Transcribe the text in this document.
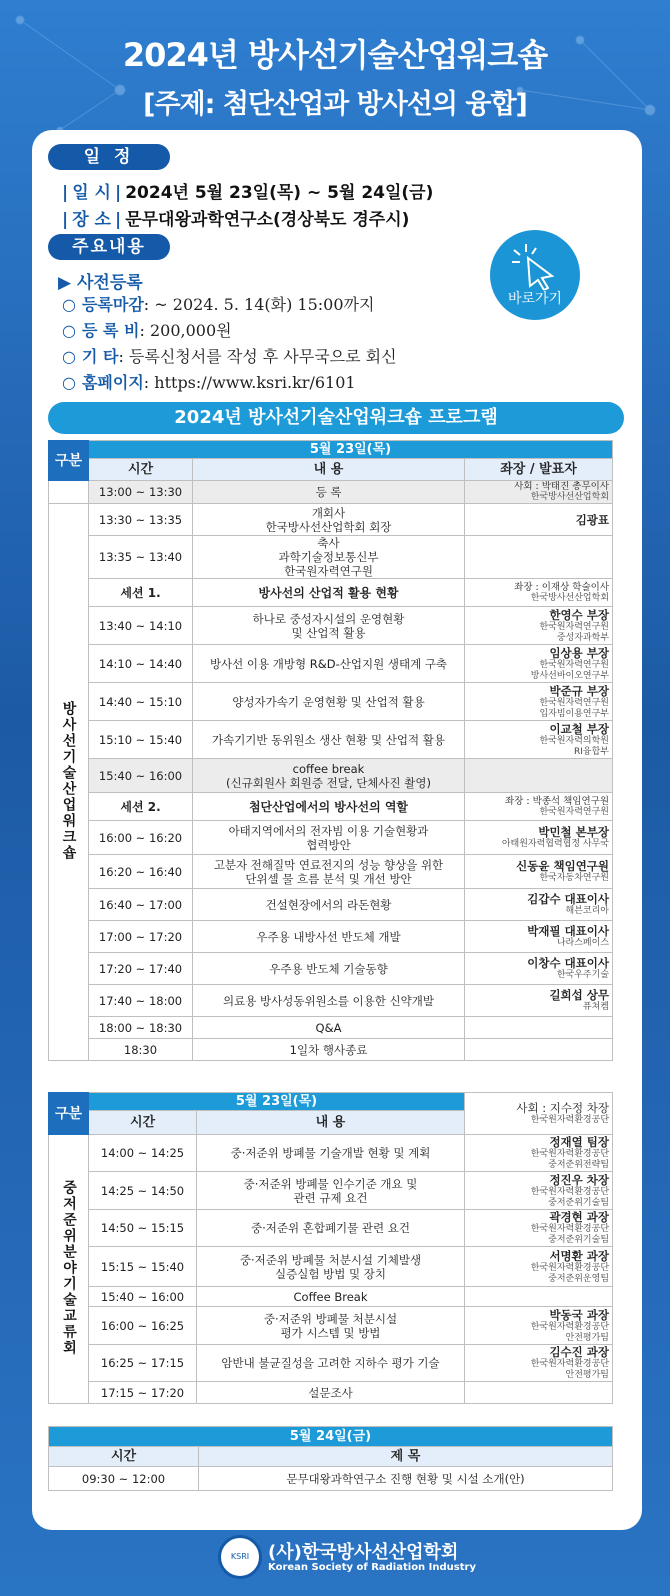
2024년 방사선기술산업워크숍
[주제: 첨단산업과 방사선의 융합]
일 정
| 일 시 | 2024년 5월 23일(목) ~ 5월 24일(금)
| 장 소 | 문무대왕과학연구소(경상북도 경주시)
주요내용
▶ 사전등록
○ 등록마감: ~ 2024. 5. 14(화) 15:00까지
○ 등 록 비: 200,000원
○ 기 타: 등록신청서를 작성 후 사무국으로 회신
○ 홈페이지: https://www.ksri.kr/6101
바로가기
2024년 방사선기술산업워크숍 프로그램
구분	5월 23일(목)		
	시간	내 용	좌장 / 발표자
	13:00 ~ 13:30	등 록	사회 : 박태진 총무이사
한국방사선산업학회

방사선기술산업워크숍	13:30 ~ 13:35	개회사
한국방사선산업학회 회장	김광표

	13:35 ~ 13:40	축사
과학기술정보통신부
한국원자력연구원	
	세션 1.	방사선의 산업적 활용 현황	좌장 : 이재상 학술이사
한국방사선산업학회

	13:40 ~ 14:10	하나로 중성자시설의 운영현황
및 산업적 활용	한영수 부장
한국원자력연구원
중성자과학부

	14:10 ~ 14:40	방사선 이용 개방형 R&D-산업지원 생태계 구축	임상용 부장
한국원자력연구원
방사선바이오연구부

	14:40 ~ 15:10	양성자가속기 운영현황 및 산업적 활용	박준규 부장
한국원자력연구원
입자빔이용연구부

	15:10 ~ 15:40	가속기기반 동위원소 생산 현황 및 산업적 활용	이교철 부장
한국원자력의학원
RI융합부

	15:40 ~ 16:00	coffee break
(신규회원사 회원증 전달, 단체사진 촬영)	
	세션 2.	첨단산업에서의 방사선의 역할	좌장 : 박종석 책임연구원
한국원자력연구원

	16:00 ~ 16:20	아태지역에서의 전자빔 이용 기술현황과
협력방안	박민철 본부장
아태원자력협력협정 사무국

	16:20 ~ 16:40	고분자 전해질막 연료전지의 성능 향상을 위한
단위셀 물 흐름 분석 및 개선 방안	신동윤 책임연구원
한국자동차연구원

	16:40 ~ 17:00	건설현장에서의 라돈현황	김갑수 대표이사
해븐코리아

	17:00 ~ 17:20	우주용 내방사선 반도체 개발	박재필 대표이사
나라스페이스

	17:20 ~ 17:40	우주용 반도체 기술동향	이창수 대표이사
한국우주기술

	17:40 ~ 18:00	의료용 방사성동위원소를 이용한 신약개발	길희섭 상무
퓨쳐켐

	18:00 ~ 18:30	Q&A	
	18:30	1일차 행사종료	
구분	5월 23일(목)		사회 : 지수정 차장
한국원자력환경공단

	시간	내 용	
중저준위분야기술교류회	14:00 ~ 14:25	중·저준위 방폐물 기술개발 현황 및 계획	정재열 팀장
한국원자력환경공단
중저준위전략팀

	14:25 ~ 14:50	중·저준위 방폐물 인수기준 개요 및
관련 규제 요건	정진우 차장
한국원자력환경공단
중저준위기술팀

	14:50 ~ 15:15	중·저준위 혼합폐기물 관련 요건	곽경현 과장
한국원자력환경공단
중저준위기술팀

	15:15 ~ 15:40	중·저준위 방폐물 처분시설 기체발생
실증실험 방법 및 장치	서명환 과장
한국원자력환경공단
중저준위운영팀

	15:40 ~ 16:00	Coffee Break	
	16:00 ~ 16:25	중·저준위 방폐물 처분시설
평가 시스템 및 방법	박동국 과장
한국원자력환경공단
안전평가팀

	16:25 ~ 17:15	암반내 불균질성을 고려한 지하수 평가 기술	김수진 과장
한국원자력환경공단
안전평가팀

	17:15 ~ 17:20	설문조사	
5월 24일(금)	
시간	제 목
09:30 ~ 12:00	문무대왕과학연구소 진행 현황 및 시설 소개(안)
KSRI	(사)한국방사선산업학회
Korean Society of Radiation Industry
